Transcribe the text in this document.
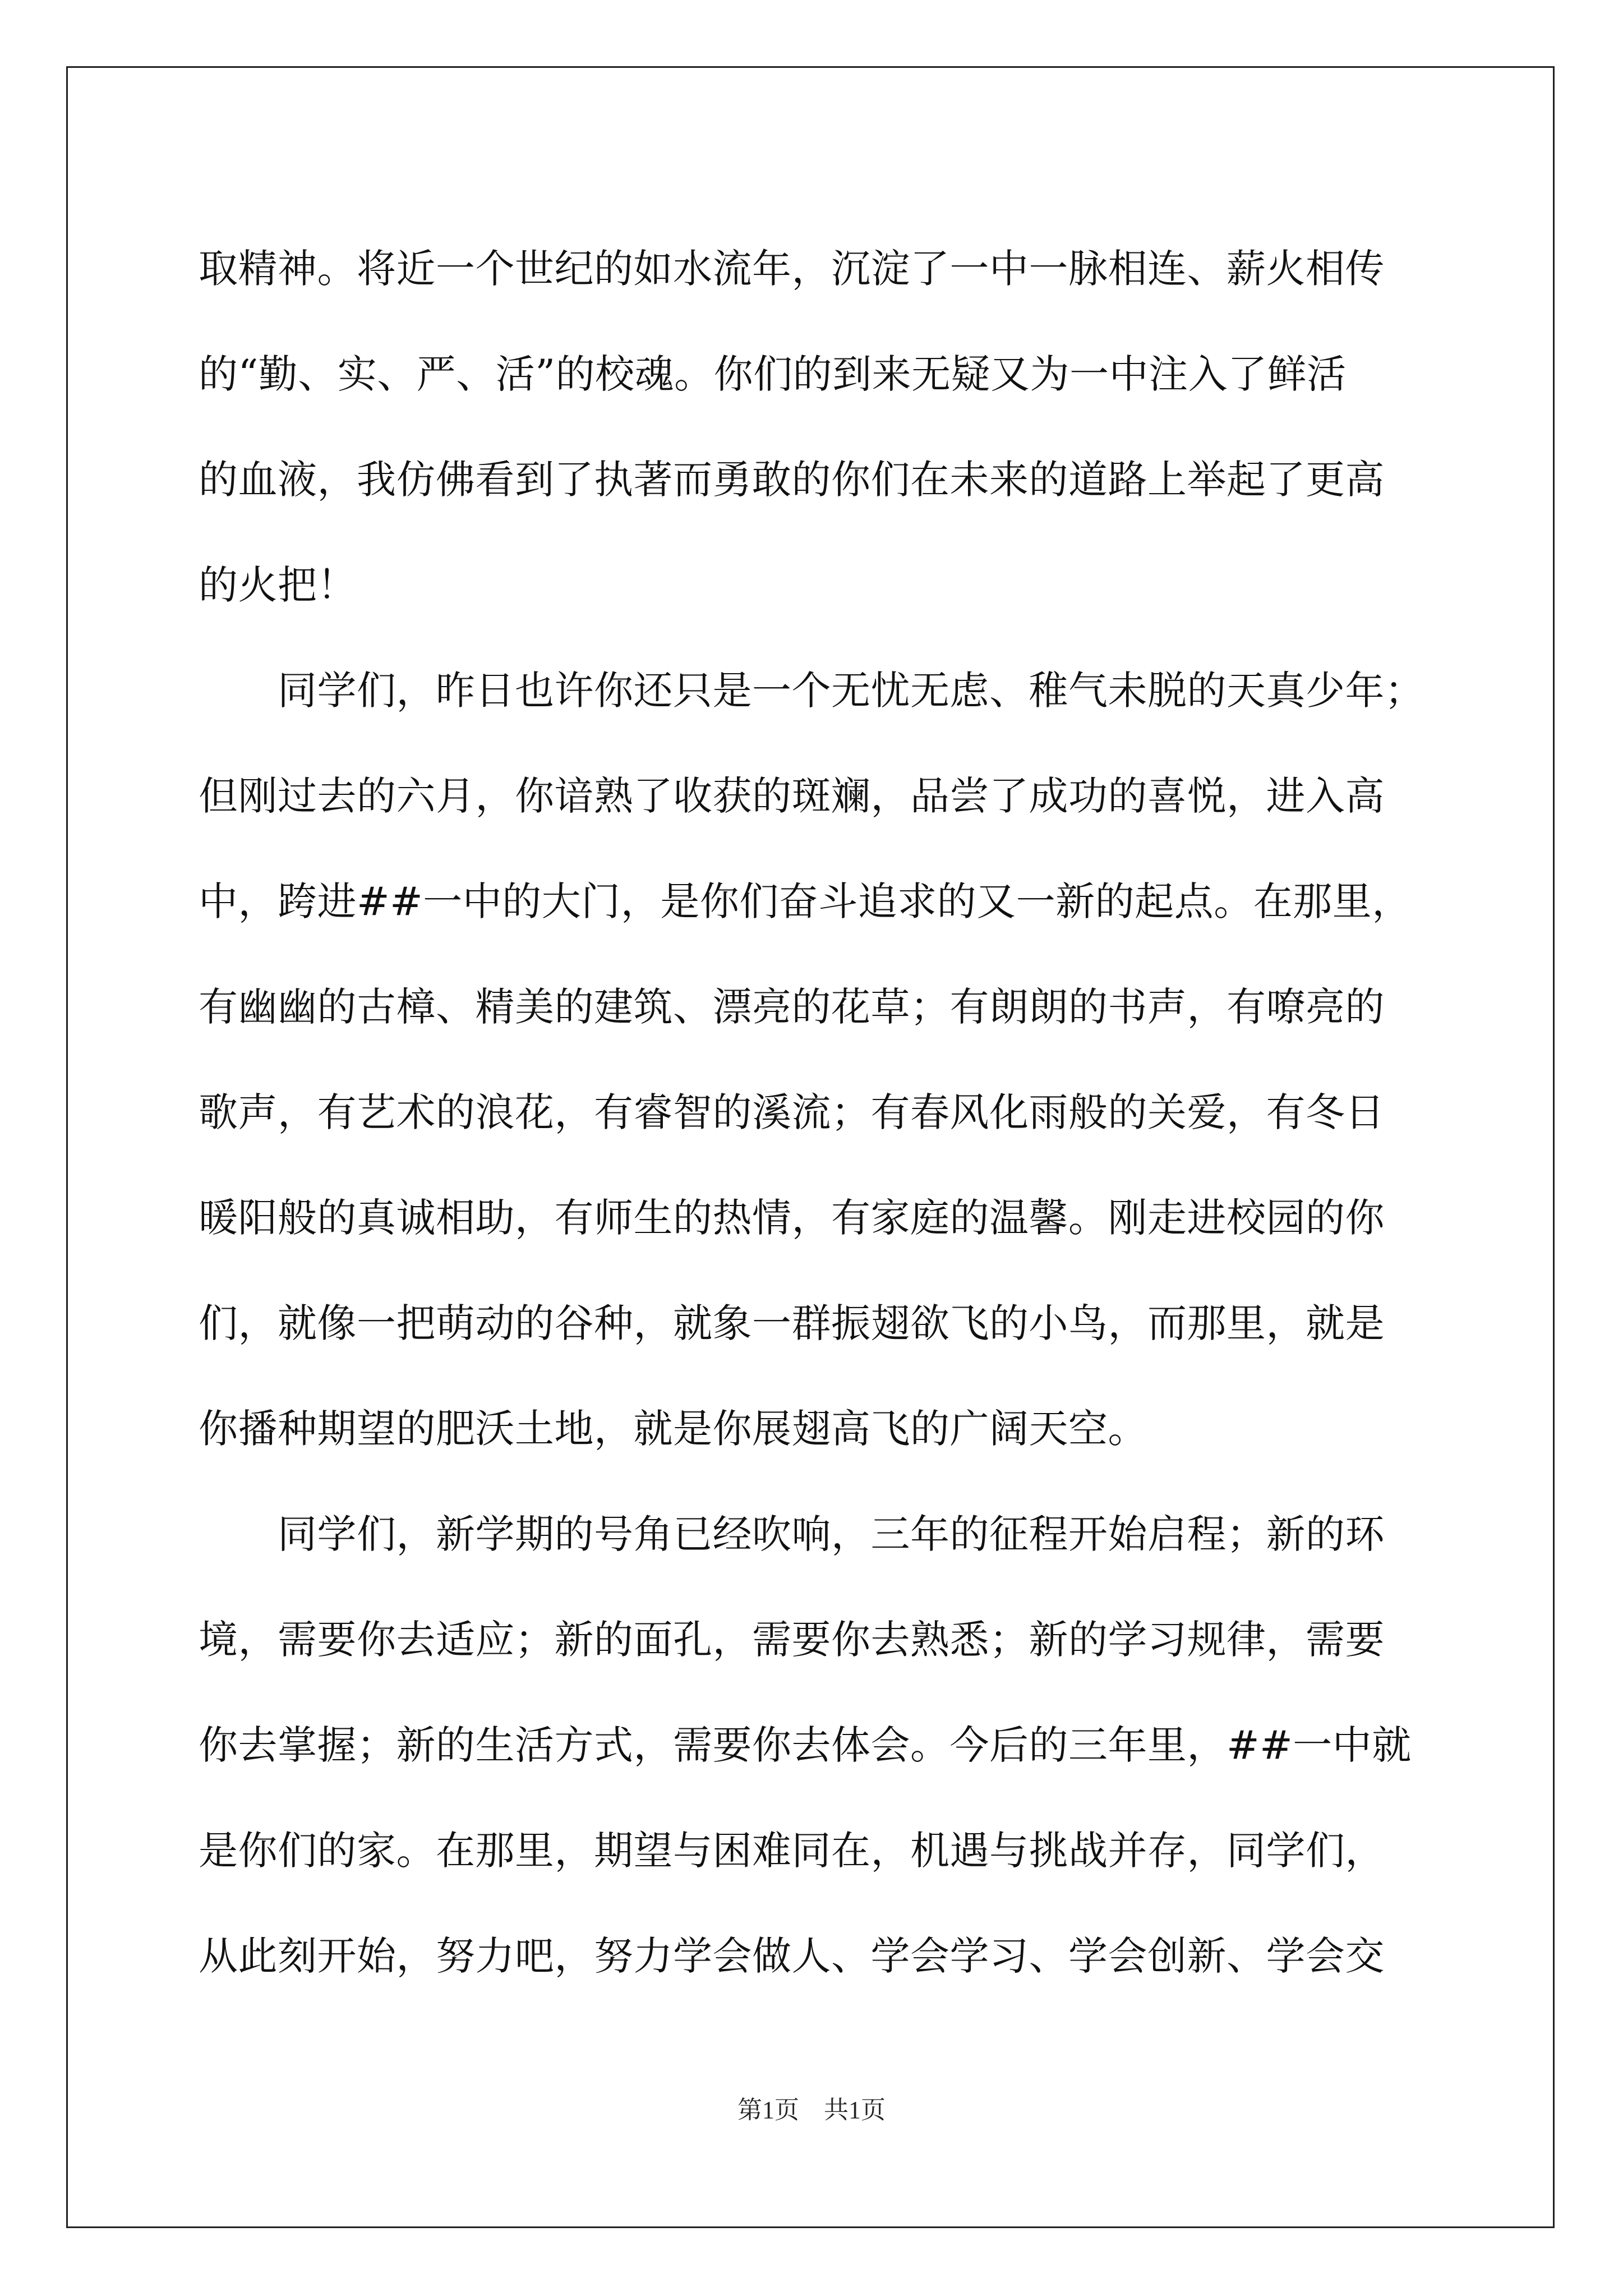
取精神。将近一个世纪的如水流年，沉淀了一中一脉相连、薪火相传
的“勤、实、严、活”的校魂。你们的到来无疑又为一中注入了鲜活
的血液，我仿佛看到了执著而勇敢的你们在未来的道路上举起了更高
的火把！
　　同学们，昨日也许你还只是一个无忧无虑、稚气未脱的天真少年；
但刚过去的六月，你谙熟了收获的斑斓，品尝了成功的喜悦，进入高
中，跨进##一中的大门，是你们奋斗追求的又一新的起点。在那里，
有幽幽的古樟、精美的建筑、漂亮的花草；有朗朗的书声，有嘹亮的
歌声，有艺术的浪花，有睿智的溪流；有春风化雨般的关爱，有冬日
暖阳般的真诚相助，有师生的热情，有家庭的温馨。刚走进校园的你
们，就像一把萌动的谷种，就象一群振翅欲飞的小鸟，而那里，就是
你播种期望的肥沃土地，就是你展翅高飞的广阔天空。
　　同学们，新学期的号角已经吹响，三年的征程开始启程；新的环
境，需要你去适应；新的面孔，需要你去熟悉；新的学习规律，需要
你去掌握；新的生活方式，需要你去体会。今后的三年里，##一中就
是你们的家。在那里，期望与困难同在，机遇与挑战并存，同学们，
从此刻开始，努力吧，努力学会做人、学会学习、学会创新、学会交
第1页 共1页
